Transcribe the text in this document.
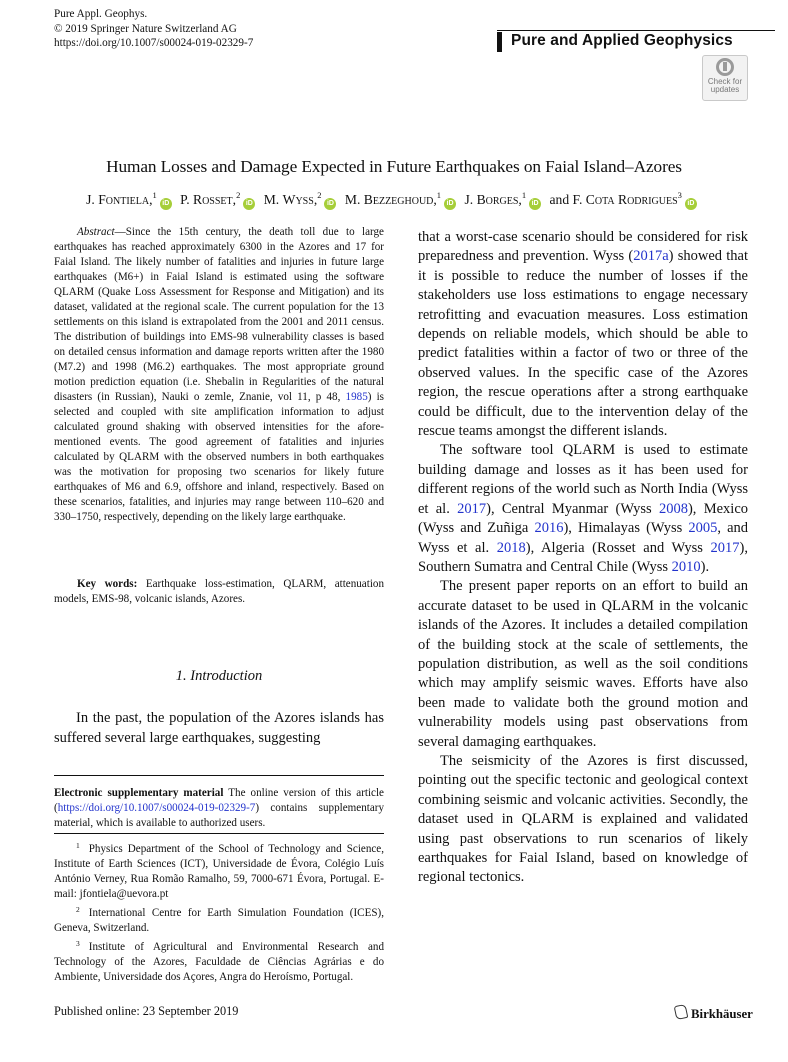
Pure Appl. Geophys.
© 2019 Springer Nature Switzerland AG
https://doi.org/10.1007/s00024-019-02329-7	Pure and Applied Geophysics
Check for
updates
Human Losses and Damage Expected in Future Earthquakes on Faial Island–Azores
J. Fontiela,$^1$iD P. Rosset,$^2$iD M. Wyss,$^2$iD M. Bezzeghoud,$^1$iD J. Borges,$^1$iD and F. Cota Rodrigues$^3$iD
Abstract—Since the 15th century, the death toll due to large earthquakes has reached approximately 6300 in the Azores and 17 for Faial Island. The likely number of fatalities and injuries in future large earthquakes (M6+) in Faial Island is estimated using the software QLARM (Quake Loss Assessment for Response and Mitigation) and its dataset, validated at the regional scale. The current population for the 13 settlements on this island is extrapolated from the 2001 and 2011 census. The distribution of buildings into EMS-98 vulnerability classes is based on detailed census information and damage reports written after the 1980 (M7.2) and 1998 (M6.2) earthquakes. The most appropriate ground motion prediction equation (i.e. Shebalin in Regularities of the natural disasters (in Russian), Nauki o zemle, Znanie, vol 11, p 48, 1985) is selected and coupled with site amplification information to adjust calculated ground shaking with observed intensities for the aforementioned events. The good agreement of fatalities and injuries calculated by QLARM with the observed numbers in both earthquakes was the motivation for proposing two scenarios for likely future earthquakes of M6 and 6.9, offshore and inland, respectively. Based on these scenarios, fatalities, and injuries may range between 110–620 and 330–1750, respectively, depending on the likely large earthquake.
Key words: Earthquake loss-estimation, QLARM, attenuation models, EMS-98, volcanic islands, Azores.
1. Introduction
In the past, the population of the Azores islands has suffered several large earthquakes, suggesting
Electronic supplementary material The online version of this article (https://doi.org/10.1007/s00024-019-02329-7) contains supplementary material, which is available to authorized users.

$^1$ Physics Department of the School of Technology and Science, Institute of Earth Sciences (ICT), Universidade de Évora, Colégio Luís António Verney, Rua Romão Ramalho, 59, 7000-671 Évora, Portugal. E-mail: jfontiela@uevora.pt

$^2$ International Centre for Earth Simulation Foundation (ICES), Geneva, Switzerland.

$^3$ Institute of Agricultural and Environmental Research and Technology of the Azores, Faculdade de Ciências Agrárias e do Ambiente, Universidade dos Açores, Angra do Heroísmo, Portugal.

that a worst-case scenario should be considered for risk preparedness and prevention. Wyss (2017a) showed that it is possible to reduce the number of losses if the stakeholders use loss estimations to engage necessary retrofitting and evacuation measures. Loss estimation depends on reliable models, which should be able to predict fatalities within a factor of two or three of the observed values. In the specific case of the Azores region, the rescue operations after a strong earthquake could be difficult, due to the intervention delay of the rescue teams amongst the different islands.

The software tool QLARM is used to estimate building damage and losses as it has been used for different regions of the world such as North India (Wyss et al. 2017), Central Myanmar (Wyss 2008), Mexico (Wyss and Zuñiga 2016), Himalayas (Wyss 2005, and Wyss et al. 2018), Algeria (Rosset and Wyss 2017), Southern Sumatra and Central Chile (Wyss 2010).

The present paper reports on an effort to build an accurate dataset to be used in QLARM in the volcanic islands of the Azores. It includes a detailed compilation of the building stock at the scale of settlements, the population distribution, as well as the soil conditions which may amplify seismic waves. Efforts have also been made to validate both the ground motion and vulnerability models using past observations from several damaging earthquakes.

The seismicity of the Azores is first discussed, pointing out the specific tectonic and geological context combining seismic and volcanic activities. Secondly, the dataset used in QLARM is explained and validated using past observations to run scenarios of likely earthquakes for Faial Island, based on knowledge of regional tectonics.

Published online: 23 September 2019	Birkhäuser
